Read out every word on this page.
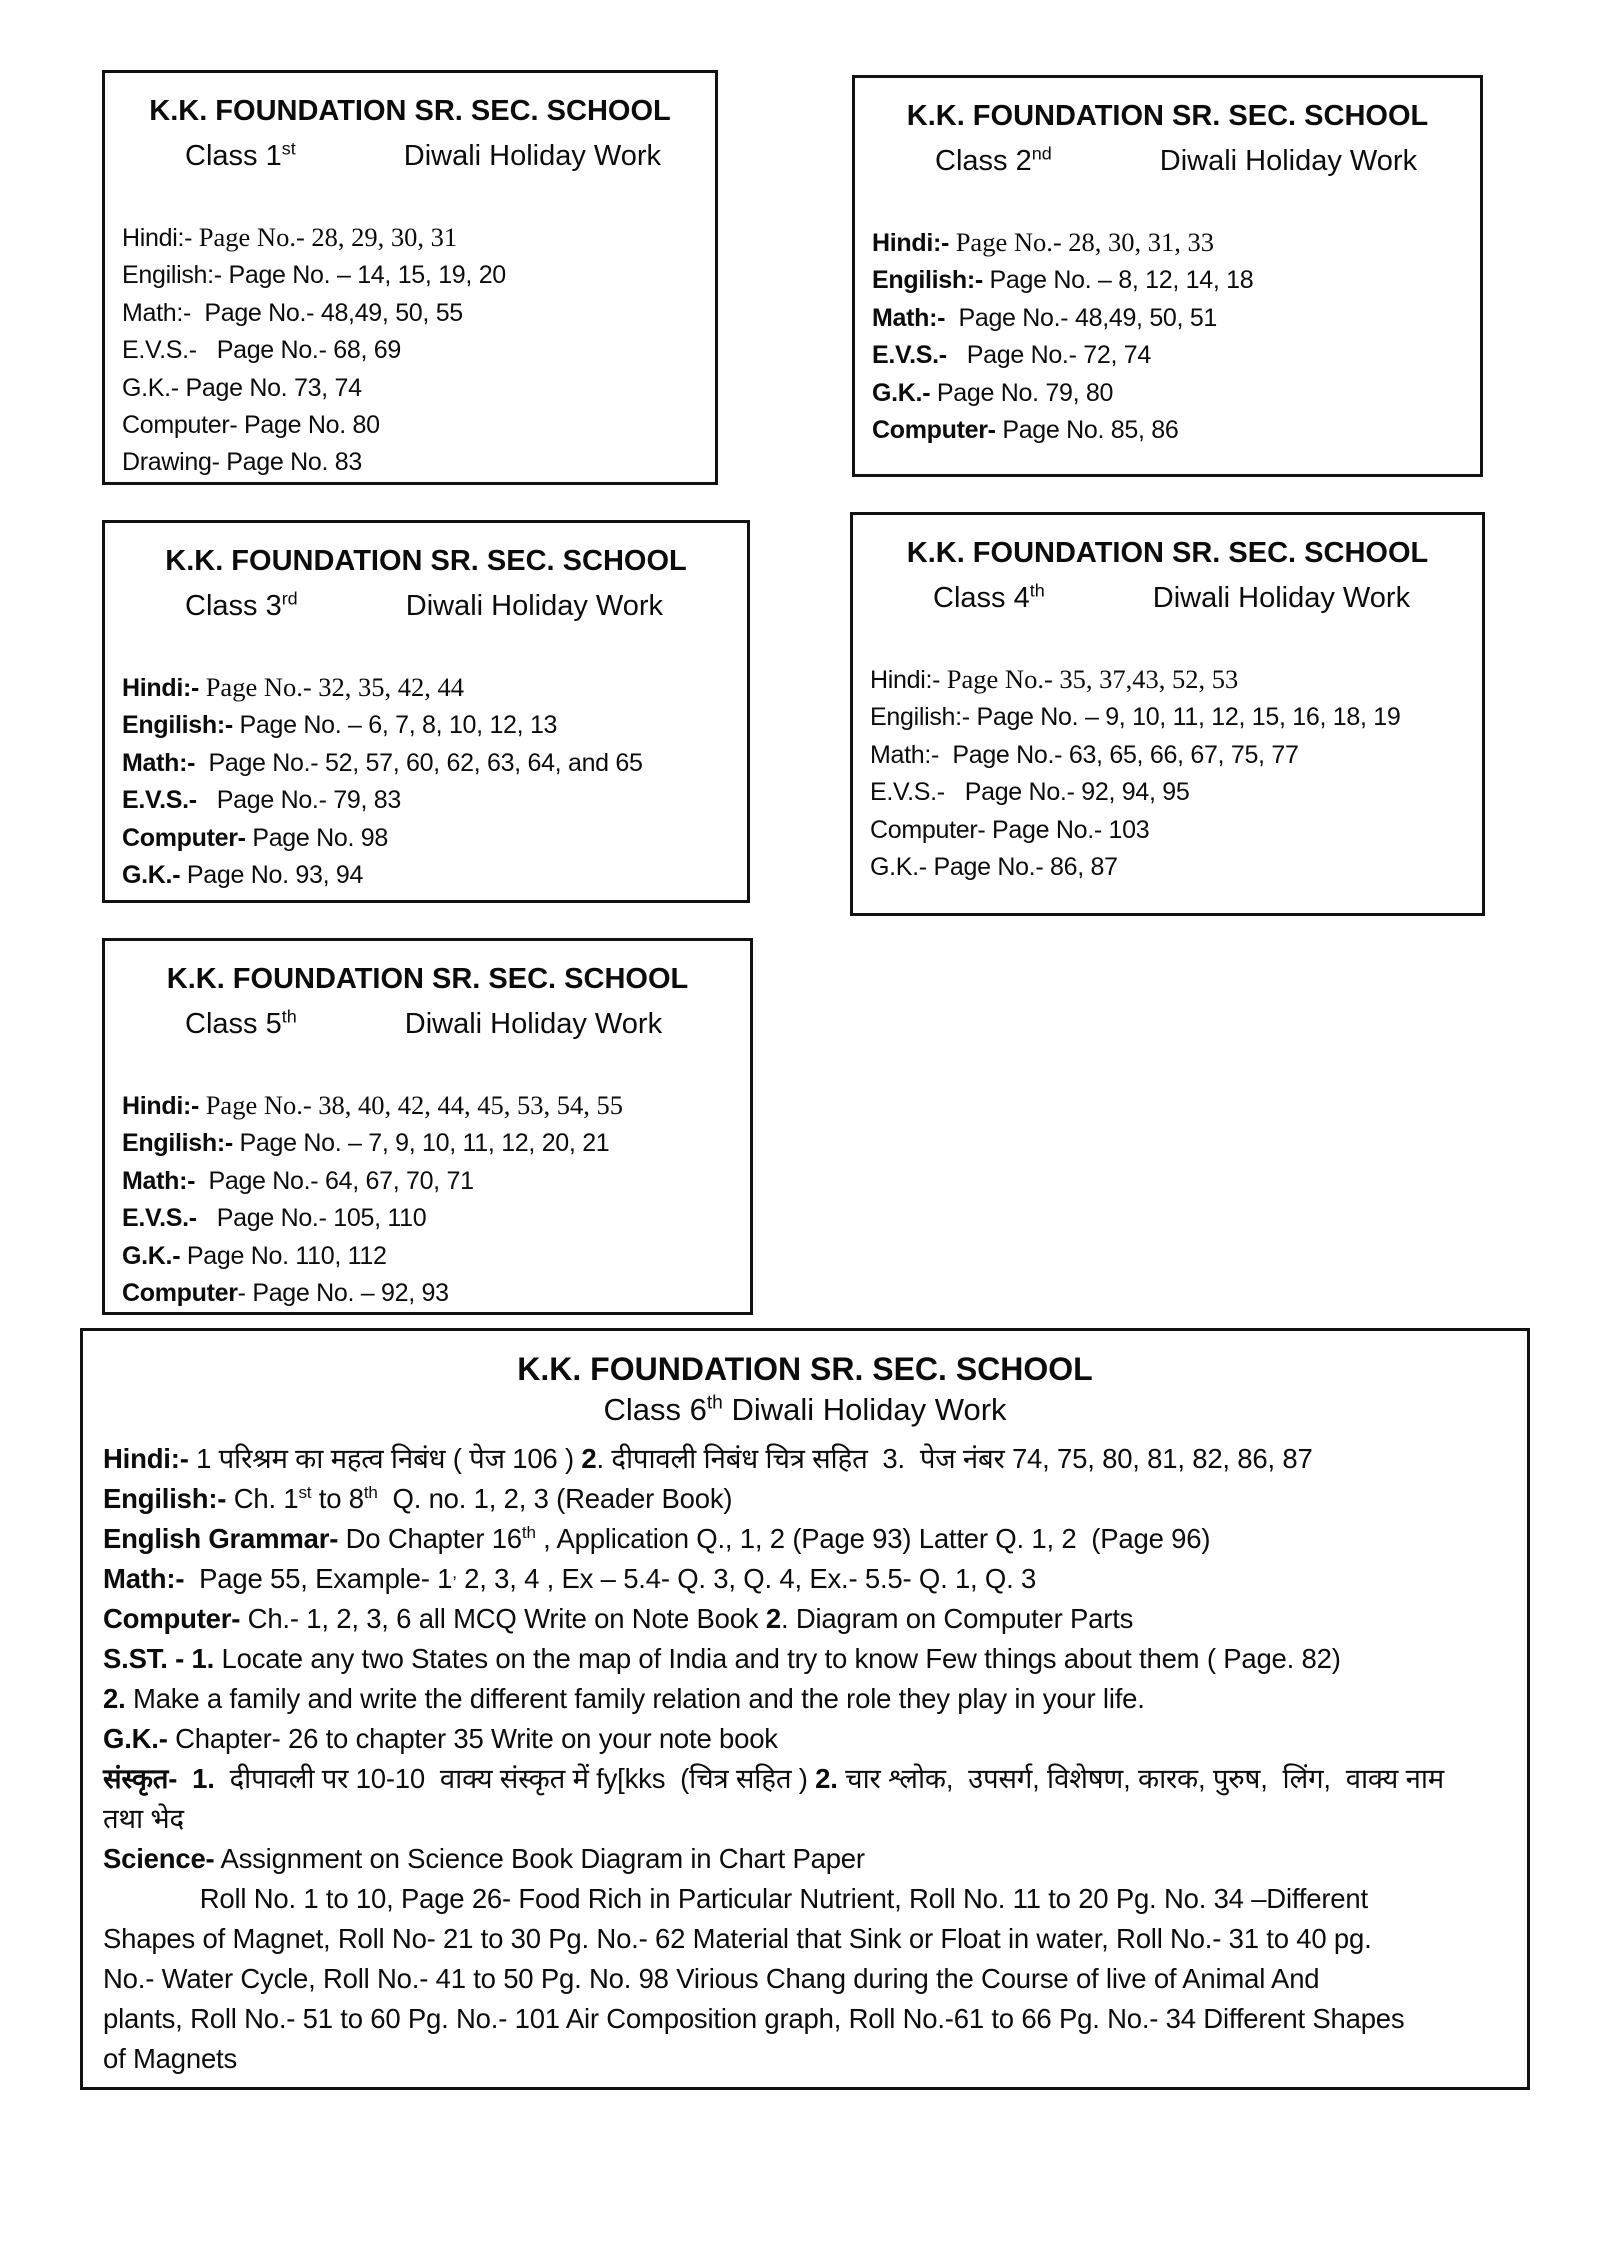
K.K. FOUNDATION SR. SEC. SCHOOL
Class 1st	Diwali Holiday Work
Hindi:- Page No.- 28, 29, 30, 31
Engilish:- Page No. – 14, 15, 19, 20
Math:-  Page No.- 48,49, 50, 55
E.V.S.-   Page No.- 68, 69
G.K.- Page No. 73, 74
Computer- Page No. 80
Drawing- Page No. 83
K.K. FOUNDATION SR. SEC. SCHOOL
Class 2nd	Diwali Holiday Work
Hindi:- Page No.- 28, 30, 31, 33
Engilish:- Page No. – 8, 12, 14, 18
Math:-  Page No.- 48,49, 50, 51
E.V.S.-   Page No.- 72, 74
G.K.- Page No. 79, 80
Computer- Page No. 85, 86
K.K. FOUNDATION SR. SEC. SCHOOL
Class 3rd	Diwali Holiday Work
Hindi:- Page No.- 32, 35, 42, 44
Engilish:- Page No. – 6, 7, 8, 10, 12, 13
Math:-  Page No.- 52, 57, 60, 62, 63, 64, and 65
E.V.S.-   Page No.- 79, 83
Computer- Page No. 98
G.K.- Page No. 93, 94
K.K. FOUNDATION SR. SEC. SCHOOL
Class 4th	Diwali Holiday Work
Hindi:- Page No.- 35, 37,43, 52, 53
Engilish:- Page No. – 9, 10, 11, 12, 15, 16, 18, 19
Math:-  Page No.- 63, 65, 66, 67, 75, 77
E.V.S.-   Page No.- 92, 94, 95
Computer- Page No.- 103
G.K.- Page No.- 86, 87
K.K. FOUNDATION SR. SEC. SCHOOL
Class 5th	Diwali Holiday Work
Hindi:- Page No.- 38, 40, 42, 44, 45, 53, 54, 55
Engilish:- Page No. – 7, 9, 10, 11, 12, 20, 21
Math:-  Page No.- 64, 67, 70, 71
E.V.S.-   Page No.- 105, 110
G.K.- Page No. 110, 112
Computer- Page No. – 92, 93
K.K. FOUNDATION SR. SEC. SCHOOL
Class 6th Diwali Holiday Work
Hindi:- 1 परिश्रम का महत्व निबंध ( पेज 106 ) 2. दीपावली निबंध चित्र सहित  3.  पेज नंबर 74, 75, 80, 81, 82, 86, 87
Engilish:- Ch. 1st to 8th  Q. no. 1, 2, 3 (Reader Book)
English Grammar- Do Chapter 16th , Application Q., 1, 2 (Page 93) Latter Q. 1, 2  (Page 96)
Math:-  Page 55, Example- 1, 2, 3, 4 , Ex – 5.4- Q. 3, Q. 4, Ex.- 5.5- Q. 1, Q. 3
Computer- Ch.- 1, 2, 3, 6 all MCQ Write on Note Book 2. Diagram on Computer Parts
S.ST. - 1. Locate any two States on the map of India and try to know Few things about them ( Page. 82)
2. Make a family and write the different family relation and the role they play in your life.
G.K.- Chapter- 26 to chapter 35 Write on your note book
संस्कृत- 1.  दीपावली पर 10-10  वाक्य संस्कृत में fy[kks  (चित्र सहित ) 2. चार श्लोक,  उपसर्ग, विशेषण, कारक, पुरुष,  लिंग,  वाक्य नाम
तथा भेद
Science- Assignment on Science Book Diagram in Chart Paper
Roll No. 1 to 10, Page 26- Food Rich in Particular Nutrient, Roll No. 11 to 20 Pg. No. 34 –Different
Shapes of Magnet, Roll No- 21 to 30 Pg. No.- 62 Material that Sink or Float in water, Roll No.- 31 to 40 pg.
No.- Water Cycle, Roll No.- 41 to 50 Pg. No. 98 Virious Chang during the Course of live of Animal And
plants, Roll No.- 51 to 60 Pg. No.- 101 Air Composition graph, Roll No.-61 to 66 Pg. No.- 34 Different Shapes
of Magnets
